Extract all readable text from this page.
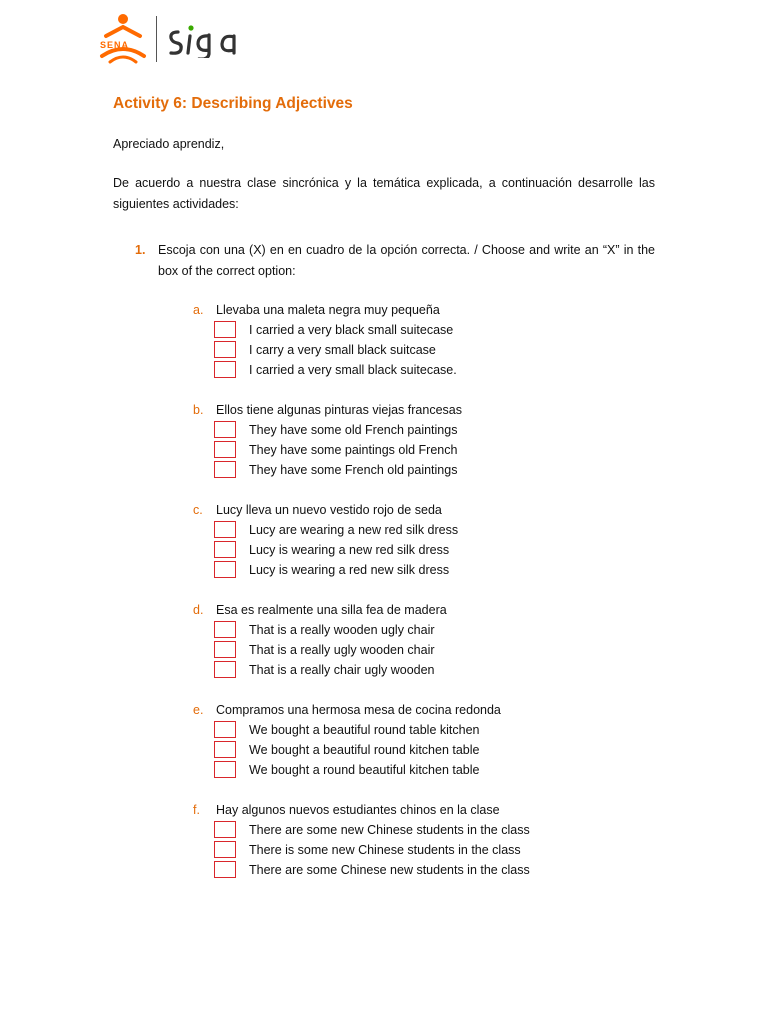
SENA
Activity 6: Describing Adjectives
Apreciado aprendiz,
De acuerdo a nuestra clase sincrónica y la temática explicada, a continuación desarrolle las siguientes actividades:
1. Escoja con una (X) en en cuadro de la opción correcta. / Choose and write an “X” in the box of the correct option:
a. Llevaba una maleta negra muy pequeña
I carried a very black small suitecase
I carry a very small black suitcase
I carried a very small black suitecase.
b. Ellos tiene algunas pinturas viejas francesas
They have some old French paintings
They have some paintings old French
They have some French old paintings
c. Lucy lleva un nuevo vestido rojo de seda
Lucy are wearing a new red silk dress
Lucy is wearing a new red silk dress
Lucy is wearing a red new silk dress
d. Esa es realmente una silla fea de madera
That is a really wooden ugly chair
That is a really ugly wooden chair
That is a really chair ugly wooden
e. Compramos una hermosa mesa de cocina redonda
We bought a beautiful round table kitchen
We bought a beautiful round kitchen table
We bought a round beautiful kitchen table
f. Hay algunos nuevos estudiantes chinos en la clase
There are some new Chinese students in the class
There is some new Chinese students in the class
There are some Chinese new students in the class
